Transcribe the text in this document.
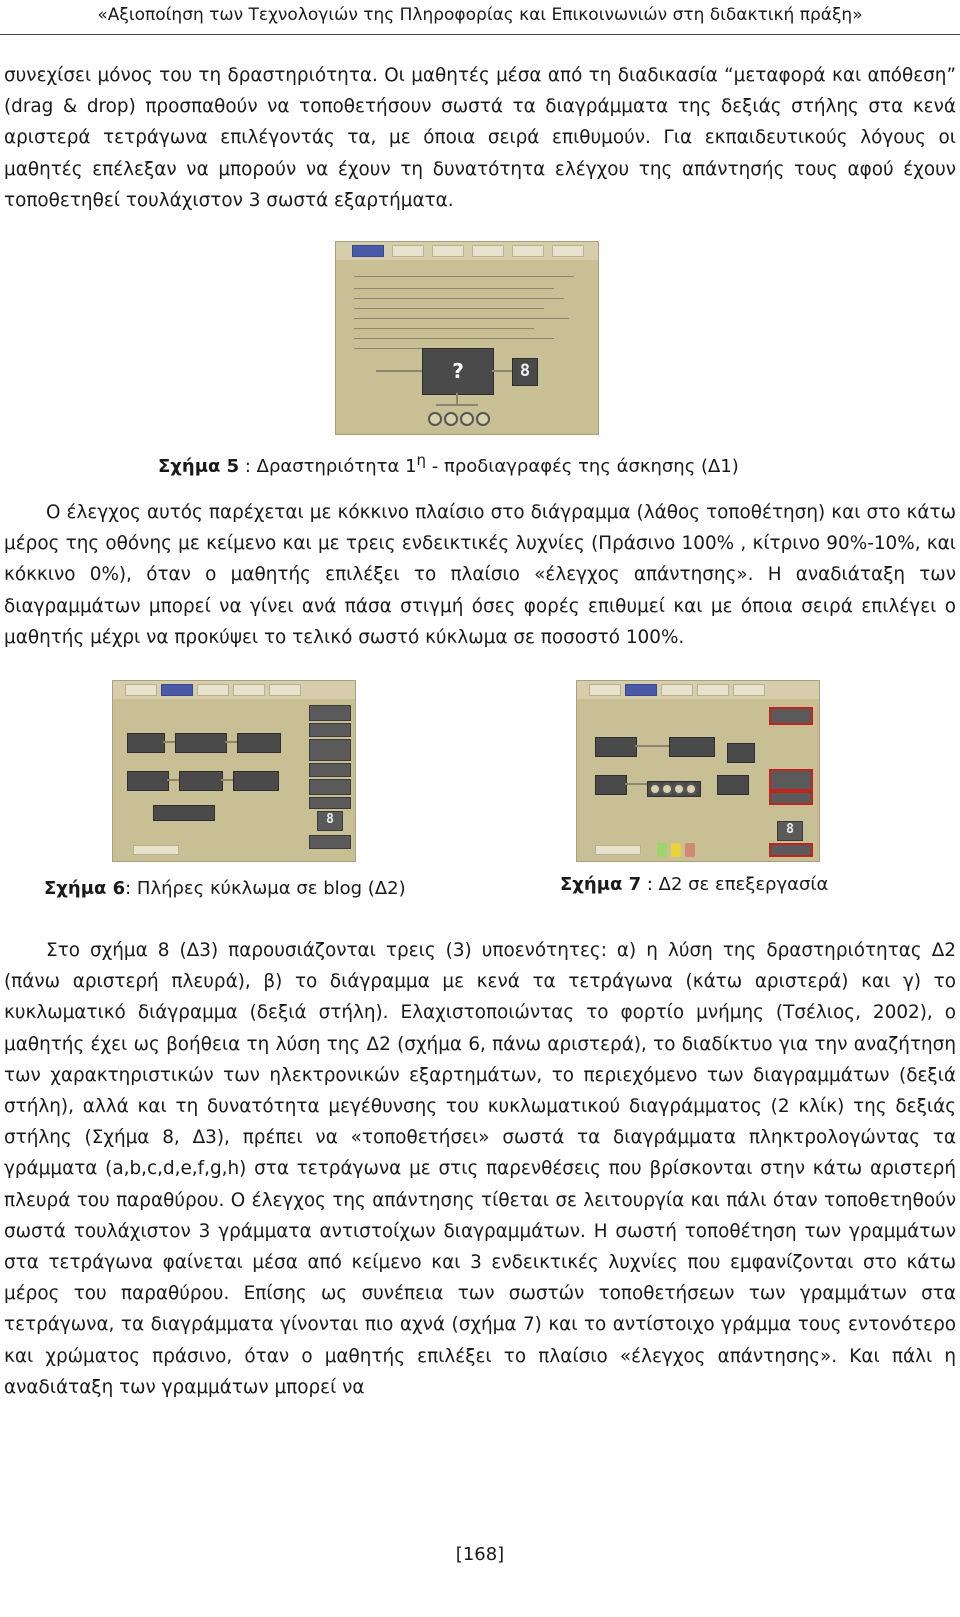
«Αξιοποίηση των Τεχνολογιών της Πληροφορίας και Επικοινωνιών στη διδακτική πράξη»

συνεχίσει μόνος του τη δραστηριότητα. Οι μαθητές μέσα από τη διαδικασία “μεταφορά και απόθεση” (drag & drop) προσπαθούν να τοποθετήσουν σωστά τα διαγράμματα της δεξιάς στήλης στα κενά αριστερά τετράγωνα επιλέγοντάς τα, με όποια σειρά επιθυμούν. Για εκπαιδευτικούς λόγους οι μαθητές επέλεξαν να μπορούν να έχουν τη δυνατότητα ελέγχου της απάντησής τους αφού έχουν τοποθετηθεί τουλάχιστον 3 σωστά εξαρτήματα.

?	8
Σχήμα 5 : Δραστηριότητα $1^\eta$ - προδιαγραφές της άσκησης (Δ1)

Ο έλεγχος αυτός παρέχεται με κόκκινο πλαίσιο στο διάγραμμα (λάθος τοποθέτηση) και στο κάτω μέρος της οθόνης με κείμενο και με τρεις ενδεικτικές λυχνίες (Πράσινο 100% , κίτρινο 90%-10%, και κόκκινο 0%), όταν ο μαθητής επιλέξει το πλαίσιο «έλεγχος απάντησης». Η αναδιάταξη των διαγραμμάτων μπορεί να γίνει ανά πάσα στιγμή όσες φορές επιθυμεί και με όποια σειρά επιλέγει ο μαθητής μέχρι να προκύψει το τελικό σωστό κύκλωμα σε ποσοστό 100%.

8
8
Σχήμα 6: Πλήρες κύκλωμα σε blog (Δ2)	Σχήμα 7 : Δ2 σε επεξεργασία

Στο σχήμα 8 (Δ3) παρουσιάζονται τρεις (3) υποενότητες: α) η λύση της δραστηριότητας Δ2 (πάνω αριστερή πλευρά), β) το διάγραμμα με κενά τα τετράγωνα (κάτω αριστερά) και γ) το κυκλωματικό διάγραμμα (δεξιά στήλη). Ελαχιστοποιώντας το φορτίο μνήμης (Τσέλιος, 2002), ο μαθητής έχει ως βοήθεια τη λύση της Δ2 (σχήμα 6, πάνω αριστερά), το διαδίκτυο για την αναζήτηση των χαρακτηριστικών των ηλεκτρονικών εξαρτημάτων, το περιεχόμενο των διαγραμμάτων (δεξιά στήλη), αλλά και τη δυνατότητα μεγέθυνσης του κυκλωματικού διαγράμματος (2 κλίκ) της δεξιάς στήλης (Σχήμα 8, Δ3), πρέπει να «τοποθετήσει» σωστά τα διαγράμματα πληκτρολογώντας τα γράμματα (a,b,c,d,e,f,g,h) στα τετράγωνα με στις παρενθέσεις που βρίσκονται στην κάτω αριστερή πλευρά του παραθύρου. Ο έλεγχος της απάντησης τίθεται σε λειτουργία και πάλι όταν τοποθετηθούν σωστά τουλάχιστον 3 γράμματα αντιστοίχων διαγραμμάτων. Η σωστή τοποθέτηση των γραμμάτων στα τετράγωνα φαίνεται μέσα από κείμενο και 3 ενδεικτικές λυχνίες που εμφανίζονται στο κάτω μέρος του παραθύρου. Επίσης ως συνέπεια των σωστών τοποθετήσεων των γραμμάτων στα τετράγωνα, τα διαγράμματα γίνονται πιο αχνά (σχήμα 7) και το αντίστοιχο γράμμα τους εντονότερο και χρώματος πράσινο, όταν ο μαθητής επιλέξει το πλαίσιο «έλεγχος απάντησης». Και πάλι η αναδιάταξη των γραμμάτων μπορεί να

[168]
